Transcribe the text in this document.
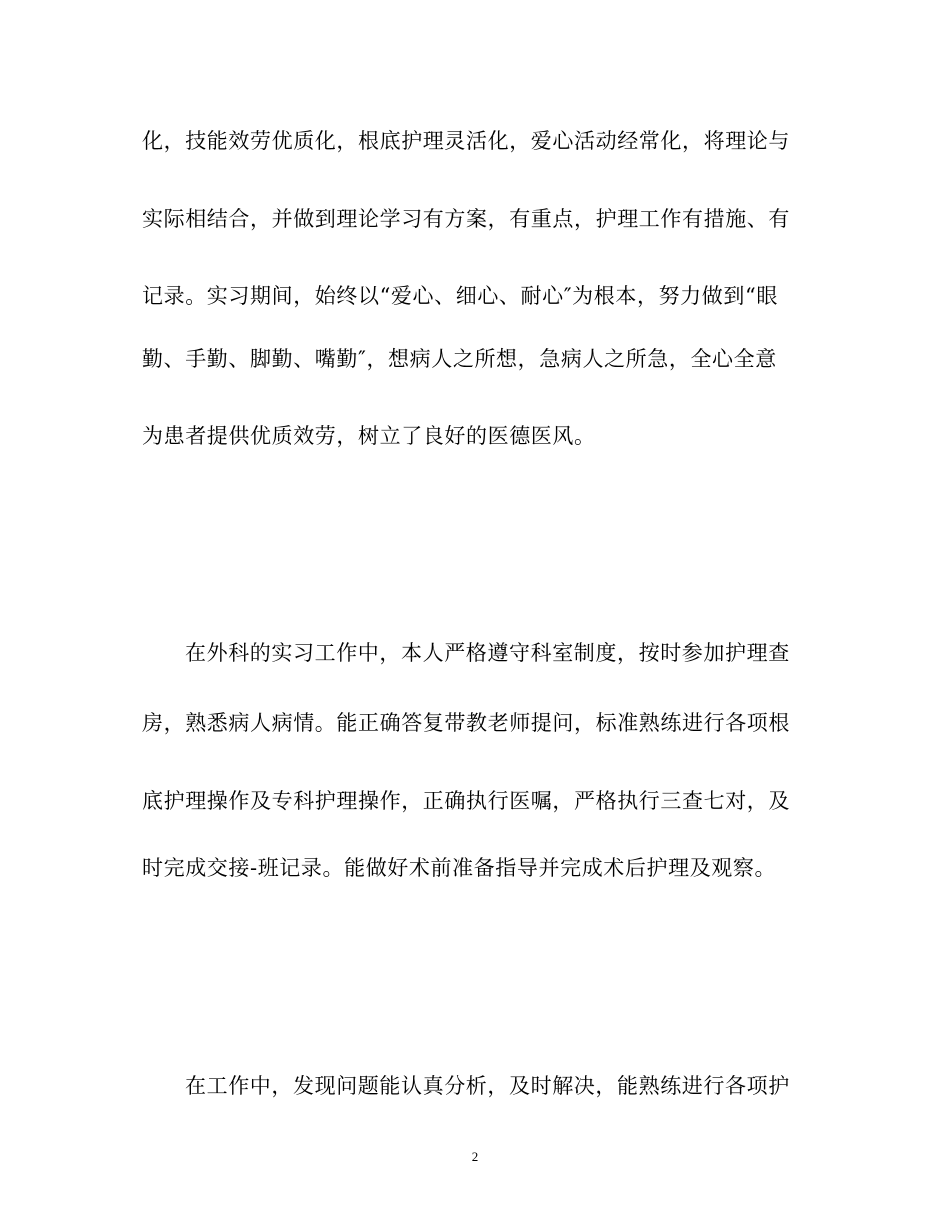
化，技能效劳优质化，根底护理灵活化，爱心活动经常化，将理论与
实际相结合，并做到理论学习有方案，有重点，护理工作有措施、有
记录。实习期间，始终以“爱心、细心、耐心″为根本，努力做到“眼
勤、手勤、脚勤、嘴勤″，想病人之所想，急病人之所急，全心全意
为患者提供优质效劳，树立了良好的医德医风。
在外科的实习工作中，本人严格遵守科室制度，按时参加护理查
房，熟悉病人病情。能正确答复带教老师提问，标准熟练进行各项根
底护理操作及专科护理操作，正确执行医嘱，严格执行三查七对，及
时完成交接-班记录。能做好术前准备指导并完成术后护理及观察。
在工作中，发现问题能认真分析，及时解决，能熟练进行各项护
2
